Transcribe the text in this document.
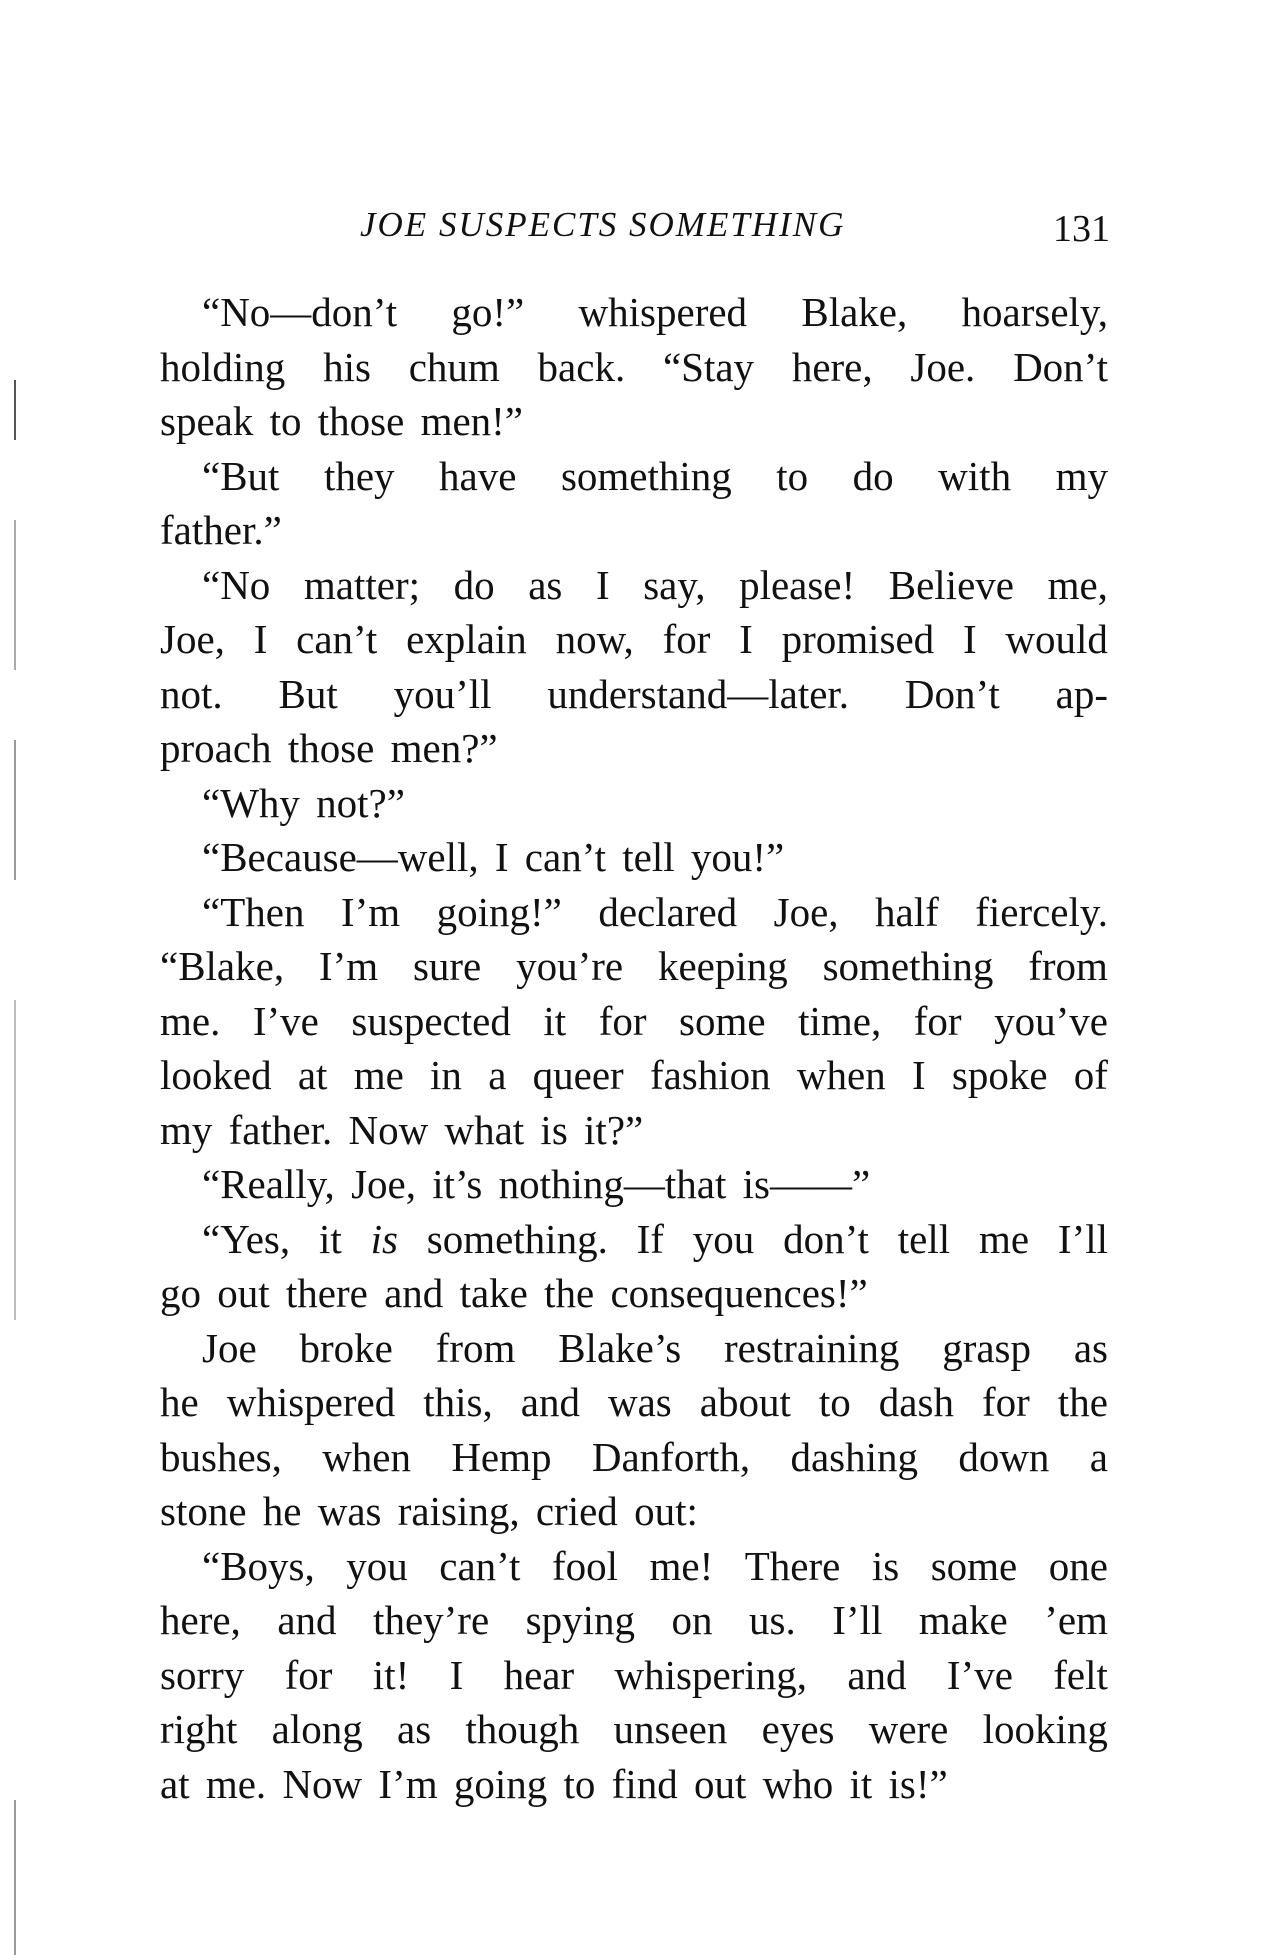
JOE SUSPECTS SOMETHING	131
“No—don’t go!” whispered Blake, hoarsely,
holding his chum back. “Stay here, Joe. Don’t
speak
to
those
men!”
“But they have something to do with my
father.”
“No matter; do as I say, please! Believe me,
Joe, I can’t explain now, for I promised I would
not. But you’ll understand—later. Don’t ap-
proach
those
men?”
“Why
not?”
“Because—well,
I
can’t
tell
you!”
“Then I’m going!” declared Joe, half fiercely.
“Blake, I’m sure you’re keeping something from
me. I’ve suspected it for some time, for you’ve
looked at me in a queer fashion when I spoke of
my
father.
Now
what
is
it?”
“Really,
Joe,
it’s
nothing—that
is——”
“Yes, it is something. If you don’t tell me I’ll
go
out
there
and
take
the
consequences!”
Joe broke from Blake’s restraining grasp as
he whispered this, and was about to dash for the
bushes, when Hemp Danforth, dashing down a
stone
he
was
raising,
cried
out:
“Boys, you can’t fool me! There is some one
here, and they’re spying on us. I’ll make ’em
sorry for it! I hear whispering, and I’ve felt
right along as though unseen eyes were looking
at
me.
Now
I’m
going
to
find
out
who
it
is!”
